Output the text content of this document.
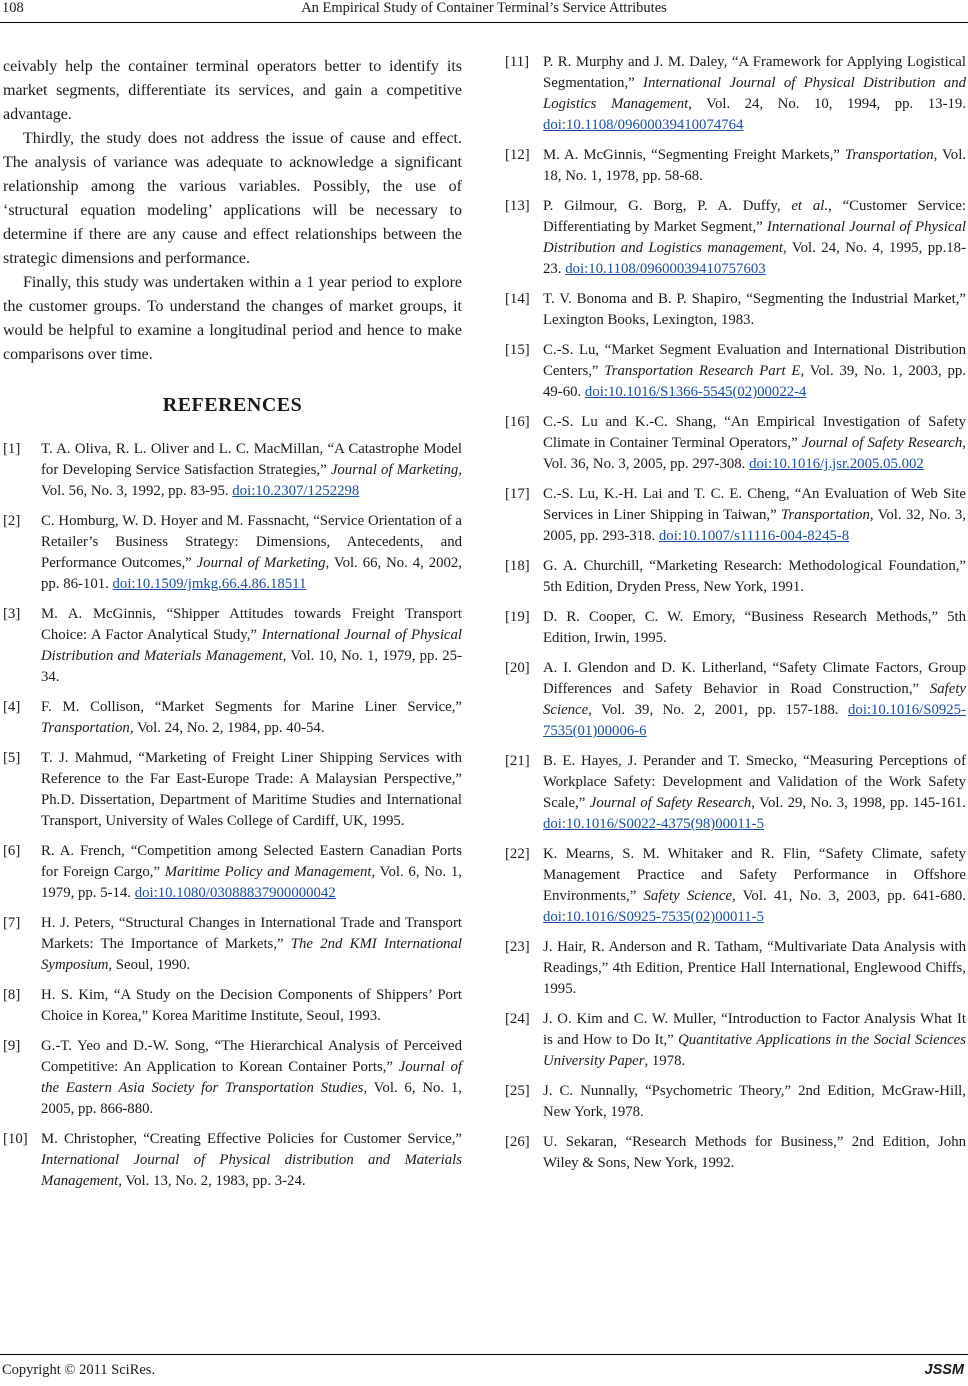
108	An Empirical Study of Container Terminal’s Service Attributes

ceivably help the container terminal operators better to identify its market segments, differentiate its services, and gain a competitive advantage.

Thirdly, the study does not address the issue of cause and effect. The analysis of variance was adequate to acknowledge a significant relationship among the various variables. Possibly, the use of ‘structural equation modeling’ applications will be necessary to determine if there are any cause and effect relationships between the strategic dimensions and performance.

Finally, this study was undertaken within a 1 year period to explore the customer groups. To understand the changes of market groups, it would be helpful to examine a longitudinal period and hence to make comparisons over time.

REFERENCES
[1] T. A. Oliva, R. L. Oliver and L. C. MacMillan, “A Catastrophe Model for Developing Service Satisfaction Strategies,” Journal of Marketing, Vol. 56, No. 3, 1992, pp. 83-95. doi:10.2307/1252298
[2] C. Homburg, W. D. Hoyer and M. Fassnacht, “Service Orientation of a Retailer’s Business Strategy: Dimensions, Antecedents, and Performance Outcomes,” Journal of Marketing, Vol. 66, No. 4, 2002, pp. 86-101. doi:10.1509/jmkg.66.4.86.18511
[3] M. A. McGinnis, “Shipper Attitudes towards Freight Transport Choice: A Factor Analytical Study,” International Journal of Physical Distribution and Materials Management, Vol. 10, No. 1, 1979, pp. 25-34.
[4] F. M. Collison, “Market Segments for Marine Liner Service,” Transportation, Vol. 24, No. 2, 1984, pp. 40-54.
[5] T. J. Mahmud, “Marketing of Freight Liner Shipping Services with Reference to the Far East-Europe Trade: A Malaysian Perspective,” Ph.D. Dissertation, Department of Maritime Studies and International Transport, University of Wales College of Cardiff, UK, 1995.
[6] R. A. French, “Competition among Selected Eastern Canadian Ports for Foreign Cargo,” Maritime Policy and Management, Vol. 6, No. 1, 1979, pp. 5-14. doi:10.1080/03088837900000042
[7] H. J. Peters, “Structural Changes in International Trade and Transport Markets: The Importance of Markets,” The 2nd KMI International Symposium, Seoul, 1990.
[8] H. S. Kim, “A Study on the Decision Components of Shippers’ Port Choice in Korea,” Korea Maritime Institute, Seoul, 1993.
[9] G.-T. Yeo and D.-W. Song, “The Hierarchical Analysis of Perceived Competitive: An Application to Korean Container Ports,” Journal of the Eastern Asia Society for Transportation Studies, Vol. 6, No. 1, 2005, pp. 866-880.
[10] M. Christopher, “Creating Effective Policies for Customer Service,” International Journal of Physical distribution and Materials Management, Vol. 13, No. 2, 1983, pp. 3-24.
[11] P. R. Murphy and J. M. Daley, “A Framework for Applying Logistical Segmentation,” International Journal of Physical Distribution and Logistics Management, Vol. 24, No. 10, 1994, pp. 13-19. doi:10.1108/09600039410074764
[12] M. A. McGinnis, “Segmenting Freight Markets,” Transportation, Vol. 18, No. 1, 1978, pp. 58-68.
[13] P. Gilmour, G. Borg, P. A. Duffy, et al., “Customer Service: Differentiating by Market Segment,” International Journal of Physical Distribution and Logistics management, Vol. 24, No. 4, 1995, pp.18-23. doi:10.1108/09600039410757603
[14] T. V. Bonoma and B. P. Shapiro, “Segmenting the Industrial Market,” Lexington Books, Lexington, 1983.
[15] C.-S. Lu, “Market Segment Evaluation and International Distribution Centers,” Transportation Research Part E, Vol. 39, No. 1, 2003, pp. 49-60. doi:10.1016/S1366-5545(02)00022-4
[16] C.-S. Lu and K.-C. Shang, “An Empirical Investigation of Safety Climate in Container Terminal Operators,” Journal of Safety Research, Vol. 36, No. 3, 2005, pp. 297-308. doi:10.1016/j.jsr.2005.05.002
[17] C.-S. Lu, K.-H. Lai and T. C. E. Cheng, “An Evaluation of Web Site Services in Liner Shipping in Taiwan,” Transportation, Vol. 32, No. 3, 2005, pp. 293-318. doi:10.1007/s11116-004-8245-8
[18] G. A. Churchill, “Marketing Research: Methodological Foundation,” 5th Edition, Dryden Press, New York, 1991.
[19] D. R. Cooper, C. W. Emory, “Business Research Methods,” 5th Edition, Irwin, 1995.
[20] A. I. Glendon and D. K. Litherland, “Safety Climate Factors, Group Differences and Safety Behavior in Road Construction,” Safety Science, Vol. 39, No. 2, 2001, pp. 157-188. doi:10.1016/S0925-7535(01)00006-6
[21] B. E. Hayes, J. Perander and T. Smecko, “Measuring Perceptions of Workplace Safety: Development and Validation of the Work Safety Scale,” Journal of Safety Research, Vol. 29, No. 3, 1998, pp. 145-161. doi:10.1016/S0022-4375(98)00011-5
[22] K. Mearns, S. M. Whitaker and R. Flin, “Safety Climate, safety Management Practice and Safety Performance in Offshore Environments,” Safety Science, Vol. 41, No. 3, 2003, pp. 641-680. doi:10.1016/S0925-7535(02)00011-5
[23] J. Hair, R. Anderson and R. Tatham, “Multivariate Data Analysis with Readings,” 4th Edition, Prentice Hall International, Englewood Chiffs, 1995.
[24] J. O. Kim and C. W. Muller, “Introduction to Factor Analysis What It is and How to Do It,” Quantitative Applications in the Social Sciences University Paper, 1978.
[25] J. C. Nunnally, “Psychometric Theory,” 2nd Edition, McGraw-Hill, New York, 1978.
[26] U. Sekaran, “Research Methods for Business,” 2nd Edition, John Wiley & Sons, New York, 1992.
Copyright © 2011 SciRes.	JSSM
